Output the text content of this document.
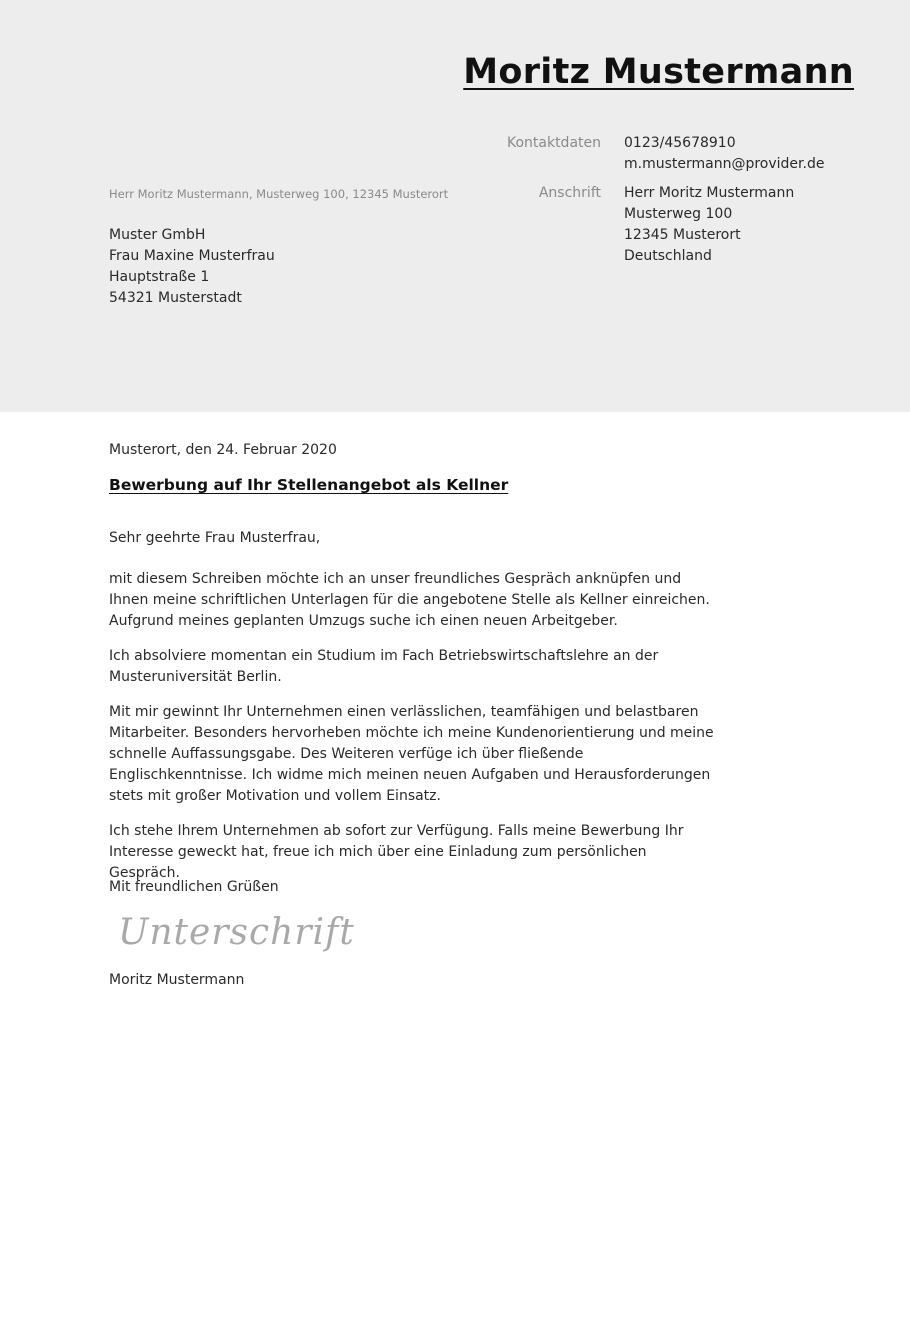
Moritz Mustermann
Kontaktdaten 0123/45678910
m.mustermann@provider.de
Anschrift Herr Moritz Mustermann
Musterweg 100
12345 Musterort
Deutschland
Herr Moritz Mustermann, Musterweg 100, 12345 Musterort
Muster GmbH
Frau Maxine Musterfrau
Hauptstraße 1
54321 Musterstadt
Musterort, den 24. Februar 2020
Bewerbung auf Ihr Stellenangebot als Kellner
Sehr geehrte Frau Musterfrau,

mit diesem Schreiben möchte ich an unser freundliches Gespräch anknüpfen und Ihnen meine schriftlichen Unterlagen für die angebotene Stelle als Kellner einreichen. Aufgrund meines geplanten Umzugs suche ich einen neuen Arbeitgeber.

Ich absolviere momentan ein Studium im Fach Betriebswirtschaftslehre an der Musteruniversität Berlin.

Mit mir gewinnt Ihr Unternehmen einen verlässlichen, teamfähigen und belastbaren Mitarbeiter. Besonders hervorheben möchte ich meine Kundenorientierung und meine schnelle Auffassungsgabe. Des Weiteren verfüge ich über fließende Englischkenntnisse. Ich widme mich meinen neuen Aufgaben und Herausforderungen stets mit großer Motivation und vollem Einsatz.

Ich stehe Ihrem Unternehmen ab sofort zur Verfügung. Falls meine Bewerbung Ihr Interesse geweckt hat, freue ich mich über eine Einladung zum persönlichen Gespräch.

Mit freundlichen Grüßen
Unterschrift
Moritz Mustermann
